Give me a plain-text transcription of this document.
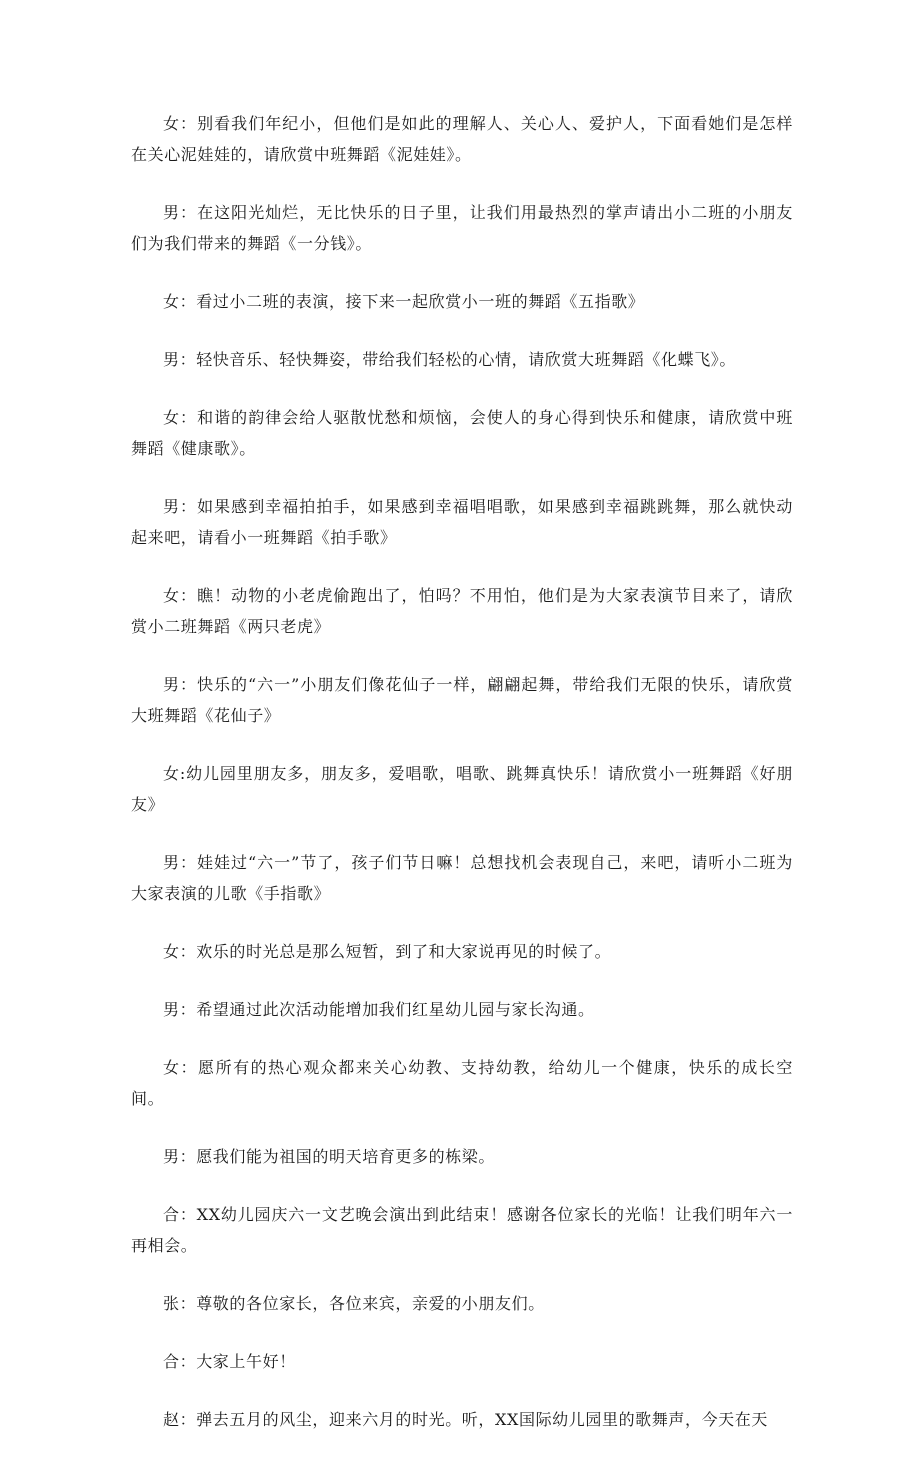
女：别看我们年纪小，但他们是如此的理解人、关心人、爱护人，下面看她们是怎样在关心泥娃娃的，请欣赏中班舞蹈《泥娃娃》。

男：在这阳光灿烂，无比快乐的日子里，让我们用最热烈的掌声请出小二班的小朋友们为我们带来的舞蹈《一分钱》。

女：看过小二班的表演，接下来一起欣赏小一班的舞蹈《五指歌》

男：轻快音乐、轻快舞姿，带给我们轻松的心情，请欣赏大班舞蹈《化蝶飞》。

女：和谐的韵律会给人驱散忧愁和烦恼，会使人的身心得到快乐和健康，请欣赏中班舞蹈《健康歌》。

男：如果感到幸福拍拍手，如果感到幸福唱唱歌，如果感到幸福跳跳舞，那么就快动起来吧，请看小一班舞蹈《拍手歌》

女：瞧！动物的小老虎偷跑出了，怕吗？不用怕，他们是为大家表演节目来了，请欣赏小二班舞蹈《两只老虎》

男：快乐的“六一”小朋友们像花仙子一样，翩翩起舞，带给我们无限的快乐，请欣赏大班舞蹈《花仙子》

女:幼儿园里朋友多，朋友多，爱唱歌，唱歌、跳舞真快乐！请欣赏小一班舞蹈《好朋友》

男：娃娃过“六一”节了，孩子们节日嘛！总想找机会表现自己，来吧，请听小二班为大家表演的儿歌《手指歌》

女：欢乐的时光总是那么短暂，到了和大家说再见的时候了。

男：希望通过此次活动能增加我们红星幼儿园与家长沟通。

女：愿所有的热心观众都来关心幼教、支持幼教，给幼儿一个健康，快乐的成长空间。

男：愿我们能为祖国的明天培育更多的栋梁。

合：XX幼儿园庆六一文艺晚会演出到此结束！感谢各位家长的光临！让我们明年六一再相会。

张：尊敬的各位家长，各位来宾，亲爱的小朋友们。

合：大家上午好！

赵：弹去五月的风尘，迎来六月的时光。听，XX国际幼儿园里的歌舞声，今天在天
